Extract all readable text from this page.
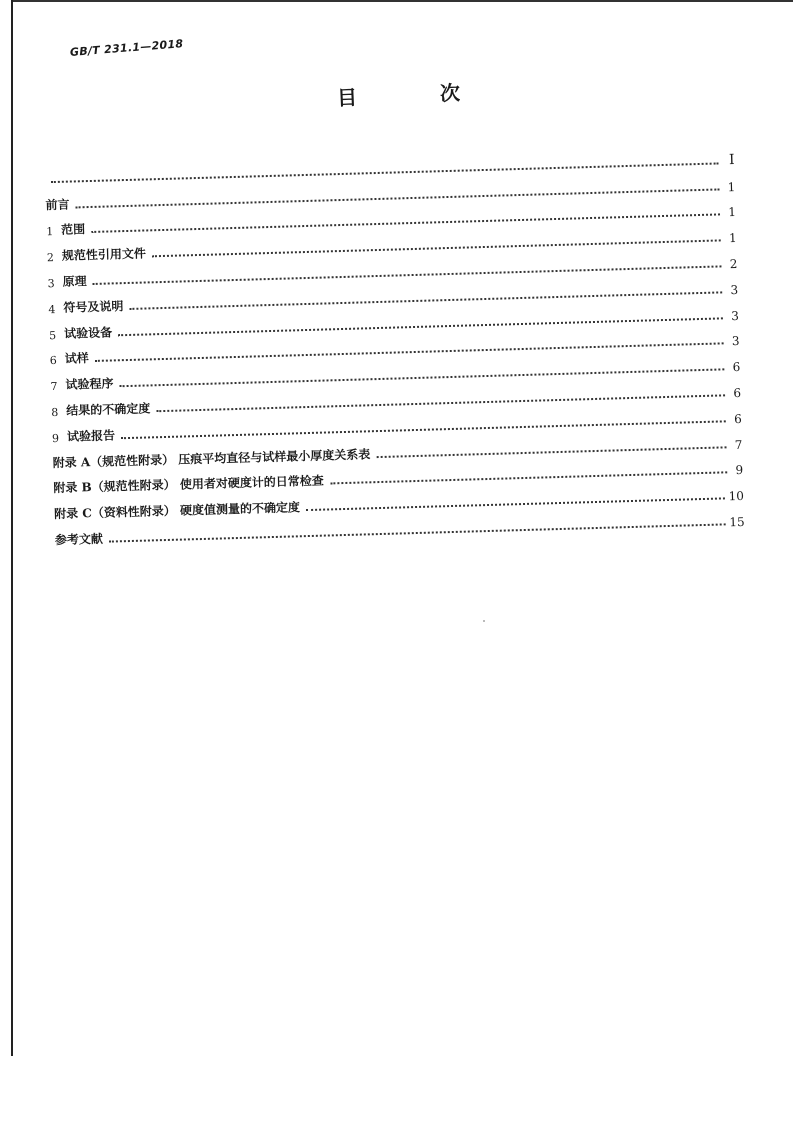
GB/T 231.1—2018
目 次
Ⅰ
前言
1
1 范围
1
2 规范性引用文件
1
3 原理
2
4 符号及说明
3
5 试验设备
3
6 试样
3
7 试验程序
6
8 结果的不确定度
6
9 试验报告
6
附录 A（规范性附录） 压痕平均直径与试样最小厚度关系表
7
附录 B（规范性附录） 使用者对硬度计的日常检查
9
附录 C（资料性附录） 硬度值测量的不确定度
10
参考文献
15
